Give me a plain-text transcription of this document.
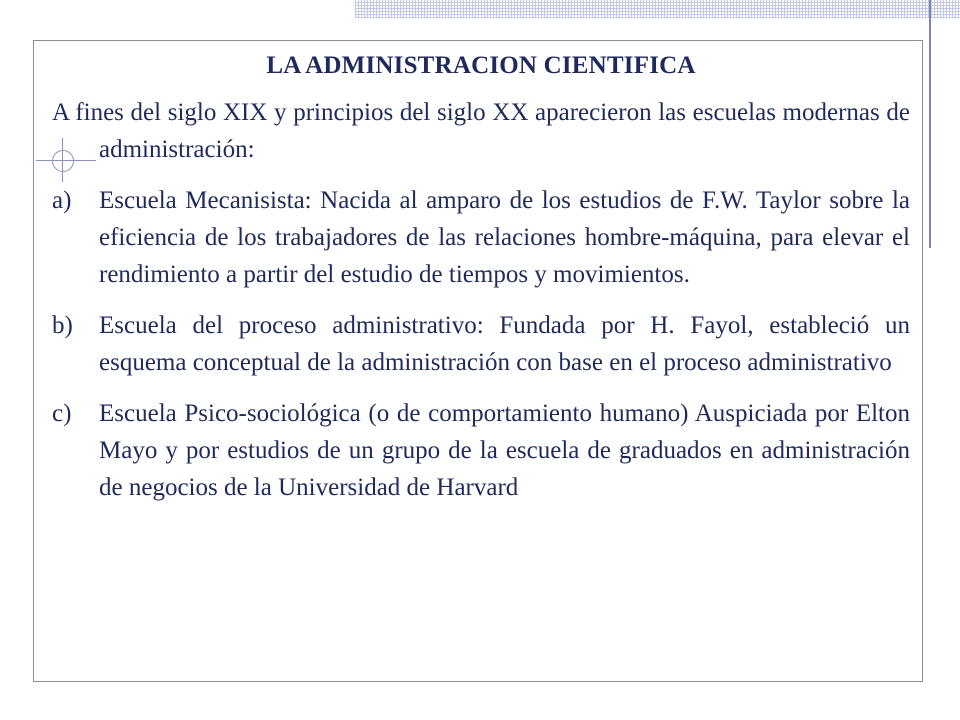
LA ADMINISTRACION CIENTIFICA

A fines del siglo XIX y principios del siglo XX aparecieron las escuelas modernas de administración:

a)	Escuela Mecanisista: Nacida al amparo de los estudios de F.W. Taylor sobre la eficiencia de los trabajadores de las relaciones hombre-máquina, para elevar el rendimiento a partir del estudio de tiempos y movimientos.
b)	Escuela del proceso administrativo: Fundada por H. Fayol, estableció un esquema conceptual de la administración con base en el proceso administrativo
c)	Escuela Psico-sociológica (o de comportamiento humano) Auspiciada por Elton Mayo y por estudios de un grupo de la escuela de graduados en administración de negocios de la Universidad de Harvard
